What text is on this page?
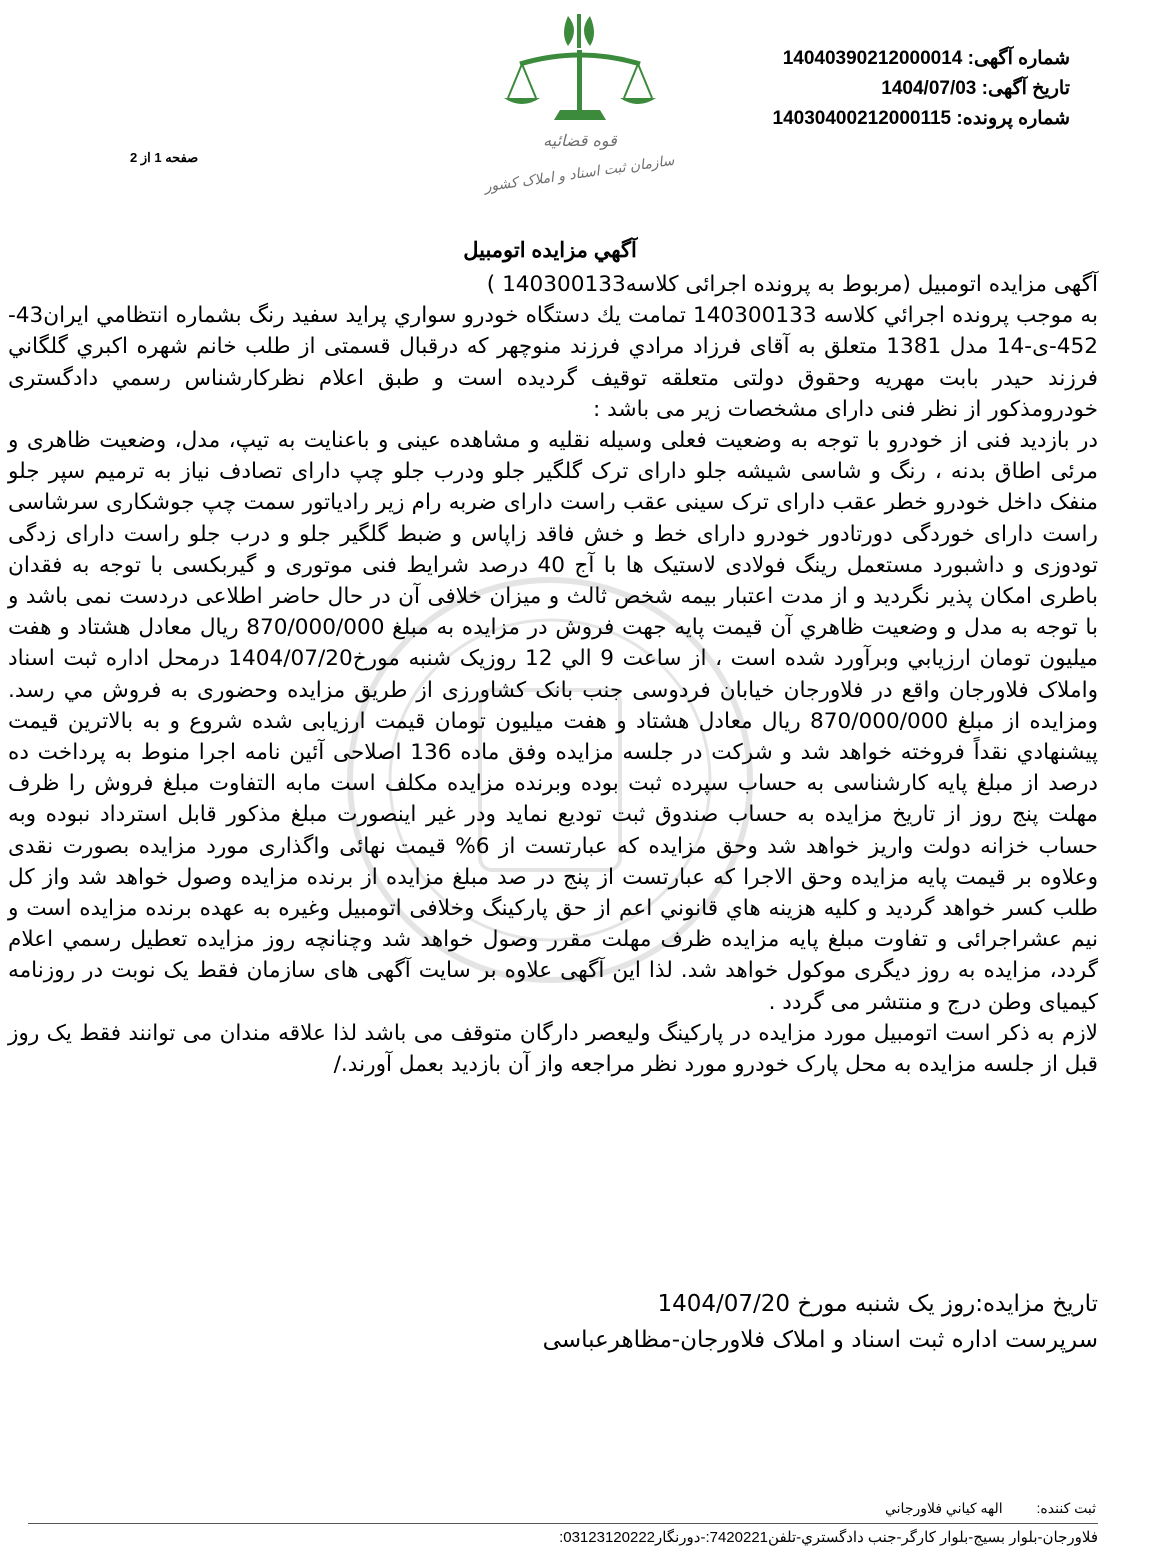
شماره آگهی: 14040390212000014
تاریخ آگهی: 1404/07/03
شماره پرونده: 14030400212000115
صفحه 1 از 2
قوه قضائیه
سازمان ثبت اسناد و املاک کشور
آگهي مزايده اتومبيل

آگهی مزایده اتومبیل (مربوط به پرونده اجرائی کلاسه140300133 )

به موجب پرونده اجرائي كلاسه 140300133 تمامت يك دستگاه خودرو سواري پرايد سفيد رنگ بشماره انتظامي ايران43-452-ی-14 مدل 1381 متعلق به آقای فرزاد مرادي فرزند منوچهر که درقبال قسمتی از طلب خانم شهره اكبري گلگاني فرزند حيدر بابت مهريه وحقوق دولتی متعلقه توقيف گرديده است و طبق اعلام نظرکارشناس رسمي دادگستری خودرومذکور از نظر فنی دارای مشخصات زیر می باشد :

در بازدید فنی از خودرو با توجه به وضعیت فعلی وسیله نقلیه و مشاهده عینی و باعنایت به تیپ، مدل، وضعیت ظاهری و مرئی اطاق بدنه ، رنگ و شاسی شیشه جلو دارای ترک گلگیر جلو ودرب جلو چپ دارای تصادف نیاز به ترمیم سپر جلو منفک داخل خودرو خطر عقب دارای ترک سینی عقب راست دارای ضربه رام زیر رادیاتور سمت چپ جوشکاری سرشاسی راست دارای خوردگی دورتادور خودرو دارای خط و خش فاقد زاپاس و ضبط گلگیر جلو و درب جلو راست دارای زدگی تودوزی و داشبورد مستعمل رینگ فولادی لاستیک ها با آج 40 درصد شرایط فنی موتوری و گیربکسی با توجه به فقدان باطری امکان پذیر نگردید و از مدت اعتبار بیمه شخص ثالث و میزان خلافی آن در حال حاضر اطلاعی دردست نمی باشد و با توجه به مدل و وضعيت ظاهري آن قيمت پايه جهت فروش در مزايده به مبلغ 870/000/000 ريال معادل هشتاد و هفت میلیون تومان ارزيابي وبرآورد شده است ، از ساعت 9 الي 12 روزیک شنبه مورخ1404/07/20 درمحل اداره ثبت اسناد واملاک فلاورجان واقع در فلاورجان خیابان فردوسی جنب بانک کشاورزی از طريق مزايده وحضوری به فروش مي رسد. ومزايده از مبلغ 870/000/000 ريال معادل هشتاد و هفت میلیون تومان قيمت ارزیابی شده شروع و به بالاترين قيمت پيشنهادي نقداً فروخته خواهد شد و شركت در جلسه مزايده وفق ماده 136 اصلاحی آئین نامه اجرا منوط به پرداخت ده درصد از مبلغ پایه کارشناسی به حساب سپرده ثبت بوده وبرنده مزایده مکلف است مابه التفاوت مبلغ فروش را ظرف مهلت پنج روز از تاریخ مزایده به حساب صندوق ثبت تودیع نماید ودر غیر اینصورت مبلغ مذکور قابل استرداد نبوده وبه حساب خزانه دولت واریز خواهد شد وحق مزايده كه عبارتست از 6% قيمت نهائی واگذاری مورد مزايده بصورت نقدی وعلاوه بر قيمت پايه مزايده وحق الاجرا كه عبارتست از پنج در صد مبلغ مزايده از برنده مزايده وصول خواهد شد واز كل طلب كسر خواهد گرديد و كليه هزينه هاي قانوني اعم از حق پاركينگ وخلافی اتومبيل وغيره به عهده برنده مزايده است و نيم عشراجرائی و تفاوت مبلغ پايه مزايده ظرف مهلت مقرر وصول خواهد شد وچنانچه روز مزايده تعطيل رسمي اعلام گردد، مزايده به روز ديگری موكول خواهد شد. لذا این آگهی علاوه بر سایت آگهی های سازمان فقط یک نوبت در روزنامه کیمیای وطن درج و منتشر می گردد .

لازم به ذکر است اتومبیل مورد مزایده در پارکینگ ولیعصر دارگان متوقف می باشد لذا علاقه مندان می توانند فقط یک روز قبل از جلسه مزایده به محل پارک خودرو مورد نظر مراجعه واز آن بازدید بعمل آورند./

تاریخ مزایده:روز یک شنبه مورخ 1404/07/20
سرپرست اداره ثبت اسناد و املاک فلاورجان-مظاهرعباسی
ثبت کننده: الهه كياني فلاورجاني
فلاورجان-بلوار بسيج-بلوار كارگر-جنب دادگستري-تلفن7420221:-دورنگار03123120222:
